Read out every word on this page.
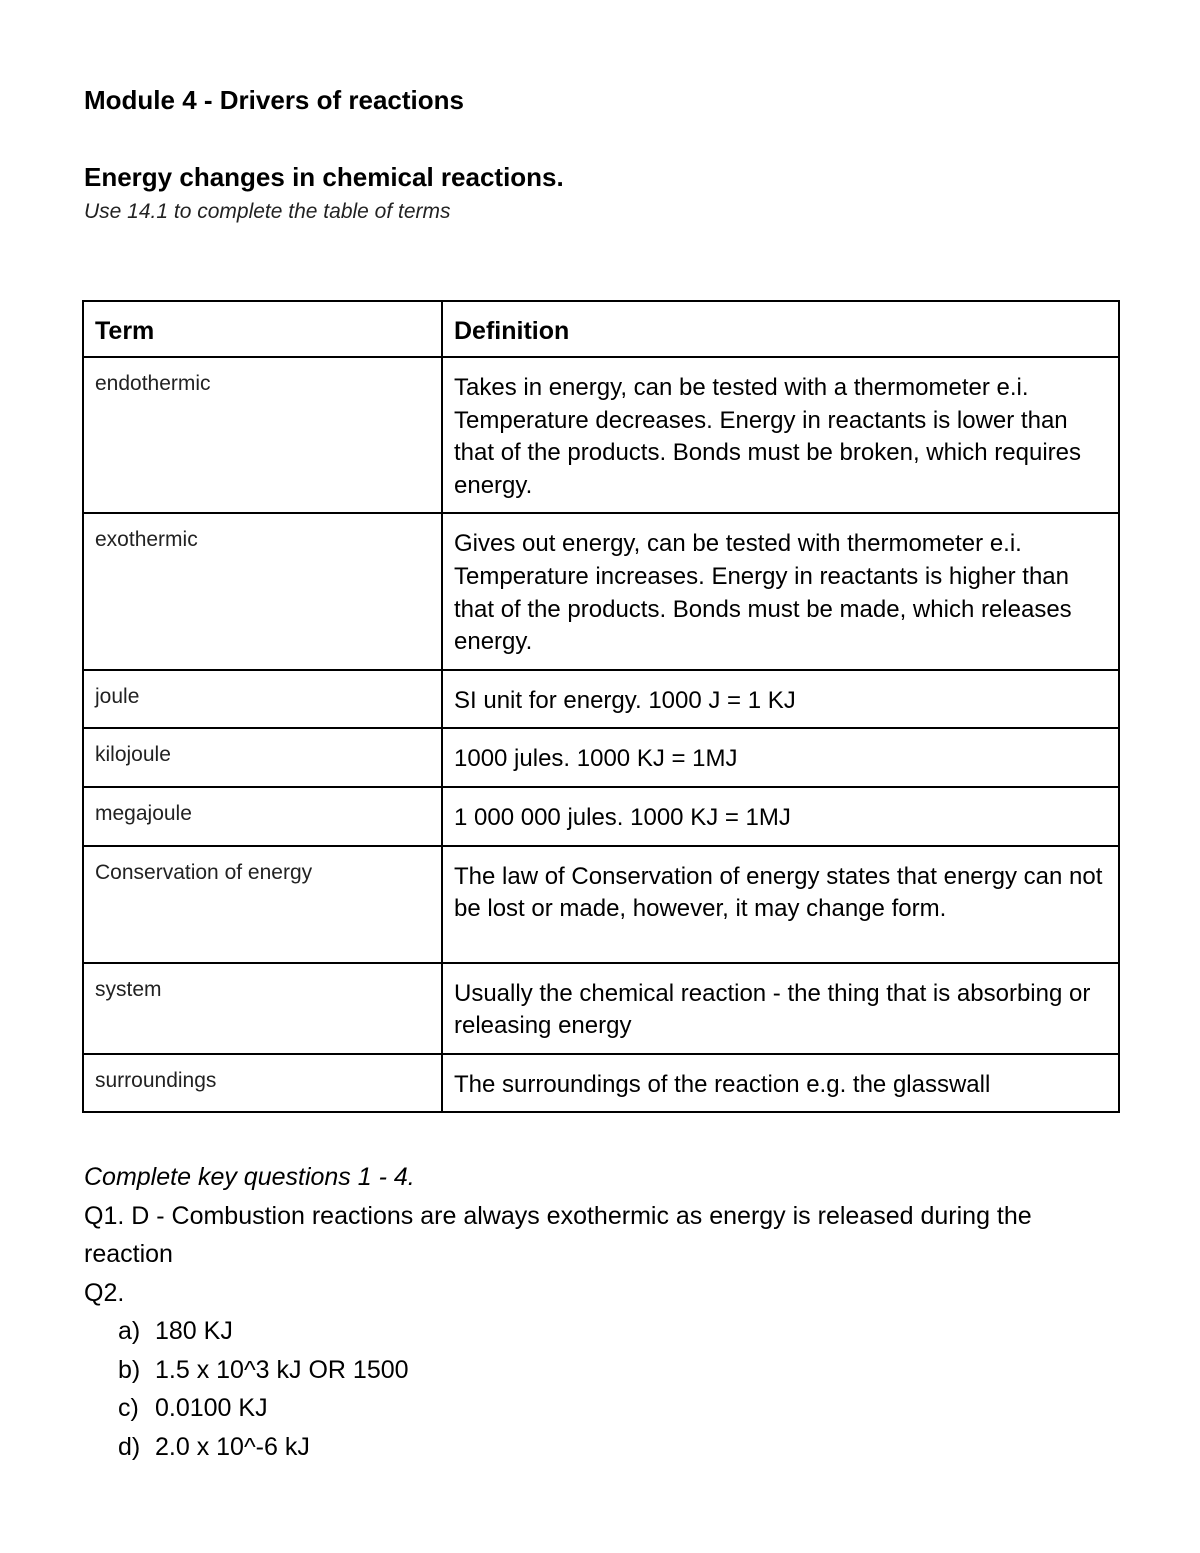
Module 4 - Drivers of reactions
Energy changes in chemical reactions.

Use 14.1 to complete the table of terms

Term	Definition
endothermic	Takes in energy, can be tested with a thermometer e.i. Temperature decreases. Energy in reactants is lower than that of the products. Bonds must be broken, which requires energy.
exothermic	Gives out energy, can be tested with thermometer e.i. Temperature increases. Energy in reactants is higher than that of the products. Bonds must be made, which releases energy.
joule	SI unit for energy. 1000 J = 1 KJ
kilojoule	1000 jules. 1000 KJ = 1MJ
megajoule	1 000 000 jules. 1000 KJ = 1MJ
Conservation of energy	The law of Conservation of energy states that energy can not be lost or made, however, it may change form.
system	Usually the chemical reaction - the thing that is absorbing or releasing energy
surroundings	The surroundings of the reaction e.g. the glasswall

Complete key questions 1 - 4.

Q1. D - Combustion reactions are always exothermic as energy is released during the reaction

Q2.

a) 180 KJ
b) 1.5 x 10^3 kJ OR 1500
c) 0.0100 KJ
d) 2.0 x 10^-6 kJ
